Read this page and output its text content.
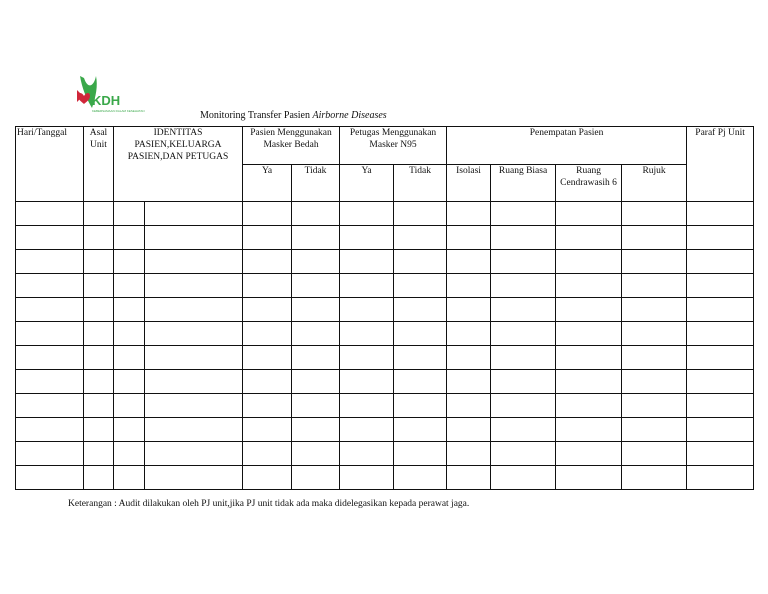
KDH
KEBERSAMAAN DALAM KESEHATAN	Monitoring Transfer Pasien Airborne Diseases
Hari/Tanggal	Asal Unit	IDENTITAS PASIEN,KELUARGA PASIEN,DAN PETUGAS		Pasien Menggunakan Masker Bedah		Petugas Menggunakan Masker N95		Penempatan Pasien				Paraf Pj Unit
				Ya	Tidak	Ya	Tidak	Isolasi	Ruang Biasa	Ruang Cendrawasih 6	Rujuk	

Keterangan : Audit dilakukan oleh PJ unit,jika PJ unit tidak ada maka didelegasikan kepada perawat jaga.
